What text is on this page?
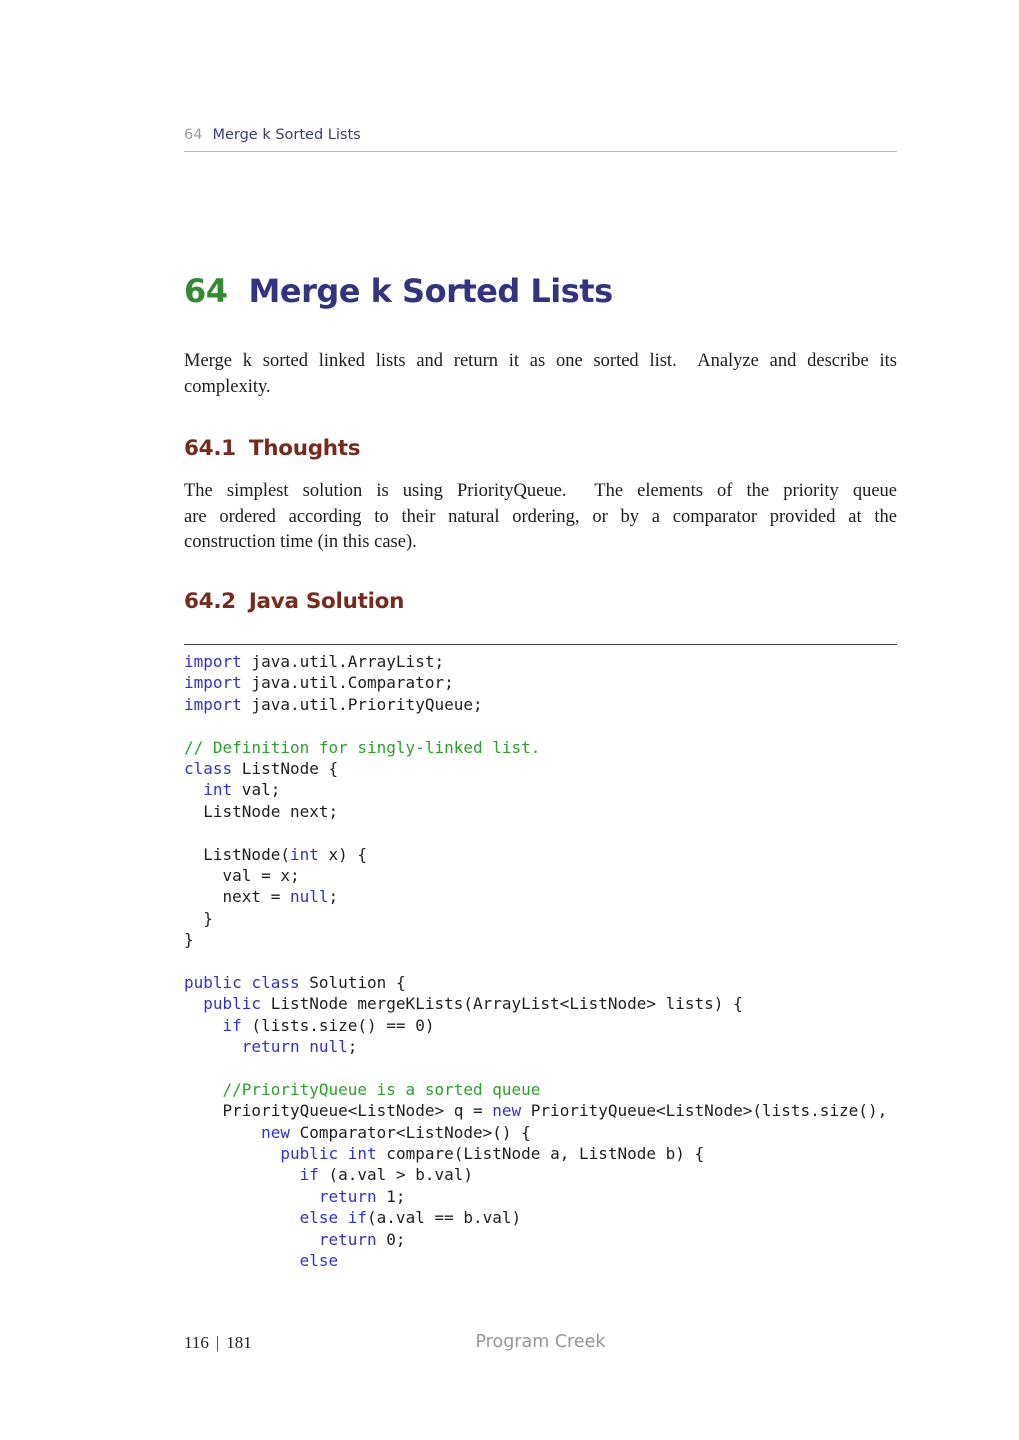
64 Merge k Sorted Lists
64 Merge k Sorted Lists
Merge k sorted linked lists and return it as one sorted list.  Analyze and describe its
complexity.
64.1 Thoughts
The simplest solution is using PriorityQueue.  The elements of the priority queue
are ordered according to their natural ordering, or by a comparator provided at the
construction time (in this case).
64.2 Java Solution
import java.util.ArrayList;
import java.util.Comparator;
import java.util.PriorityQueue;

// Definition for singly-linked list.
class ListNode {
int val;
ListNode next;

ListNode(int x) {
val = x;
next = null;
}
}

public class Solution {
public ListNode mergeKLists(ArrayList<ListNode> lists) {
if (lists.size() == 0)
return null;

//PriorityQueue is a sorted queue
PriorityQueue<ListNode> q = new PriorityQueue<ListNode>(lists.size(),
new Comparator<ListNode>() {
public int compare(ListNode a, ListNode b) {
if (a.val > b.val)
return 1;
else if(a.val == b.val)
return 0;
else
116 | 181	Program Creek
